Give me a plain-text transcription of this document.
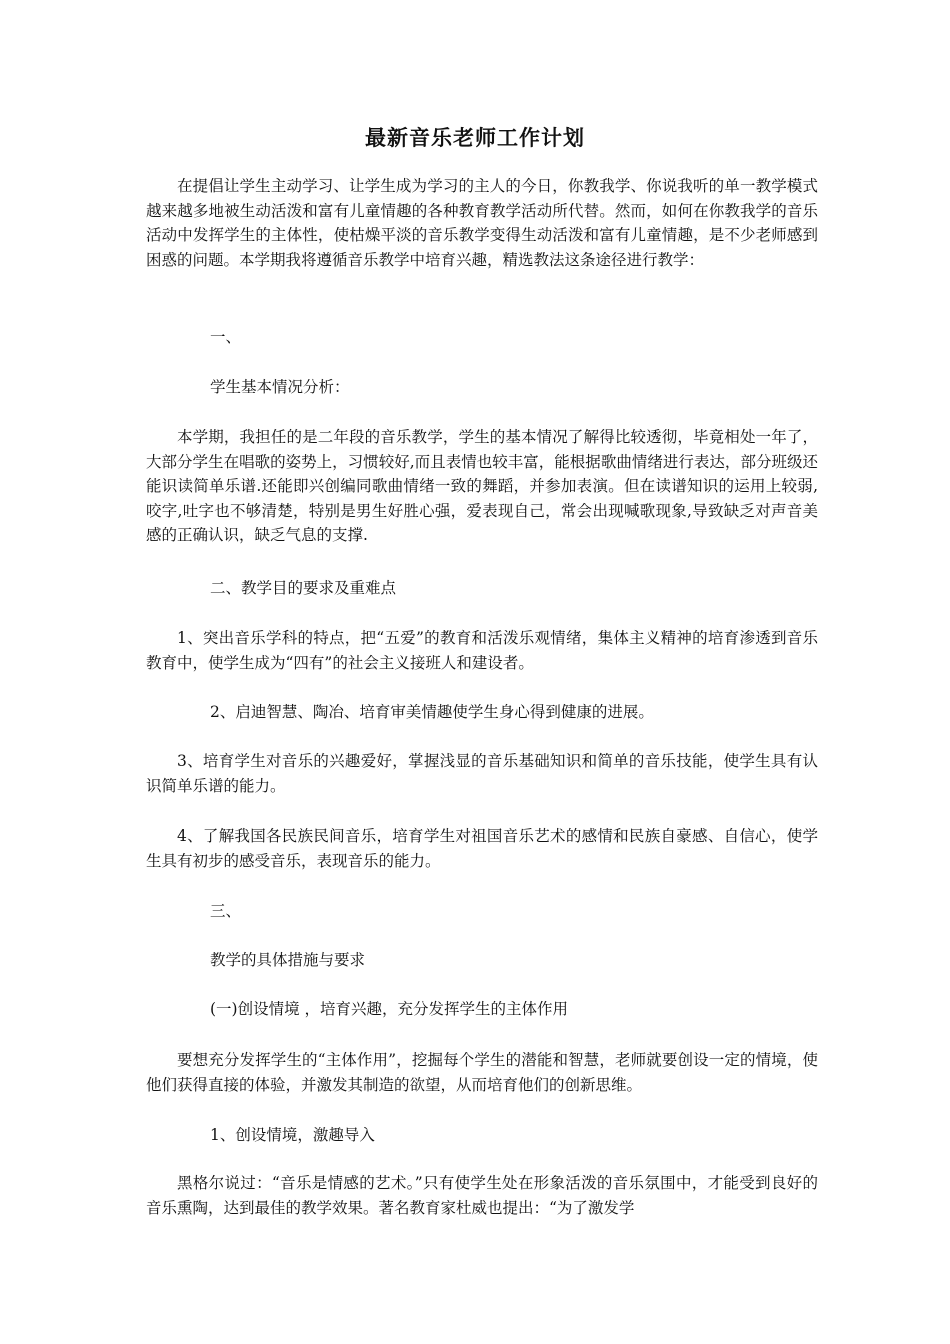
最新音乐老师工作计划
在提倡让学生主动学习、让学生成为学习的主人的今日，你教我学、你说我听的单一教学模式越来越多地被生动活泼和富有儿童情趣的各种教育教学活动所代替。然而，如何在你教我学的音乐活动中发挥学生的主体性，使枯燥平淡的音乐教学变得生动活泼和富有儿童情趣，是不少老师感到困惑的问题。本学期我将遵循音乐教学中培育兴趣，精选教法这条途径进行教学：
一、
学生基本情况分析：
本学期，我担任的是二年段的音乐教学，学生的基本情况了解得比较透彻，毕竟相处一年了，大部分学生在唱歌的姿势上，习惯较好,而且表情也较丰富，能根据歌曲情绪进行表达，部分班级还能识读简单乐谱.还能即兴创编同歌曲情绪一致的舞蹈，并参加表演。但在读谱知识的运用上较弱,咬字,吐字也不够清楚，特别是男生好胜心强，爱表现自己，常会出现喊歌现象,导致缺乏对声音美感的正确认识，缺乏气息的支撑.
二、教学目的要求及重难点
1、突出音乐学科的特点，把“五爱”的教育和活泼乐观情绪，集体主义精神的培育渗透到音乐教育中，使学生成为“四有”的社会主义接班人和建设者。
2、启迪智慧、陶冶、培育审美情趣使学生身心得到健康的进展。
3、培育学生对音乐的兴趣爱好，掌握浅显的音乐基础知识和简单的音乐技能，使学生具有认识简单乐谱的能力。
4、了解我国各民族民间音乐，培育学生对祖国音乐艺术的感情和民族自豪感、自信心，使学生具有初步的感受音乐，表现音乐的能力。
三、
教学的具体措施与要求
(一)创设情境 ，培育兴趣，充分发挥学生的主体作用
要想充分发挥学生的“主体作用”，挖掘每个学生的潜能和智慧，老师就要创设一定的情境，使他们获得直接的体验，并激发其制造的欲望，从而培育他们的创新思维。
1、创设情境，激趣导入
黑格尔说过：“音乐是情感的艺术。”只有使学生处在形象活泼的音乐氛围中，才能受到良好的音乐熏陶，达到最佳的教学效果。著名教育家杜威也提出：“为了激发学
